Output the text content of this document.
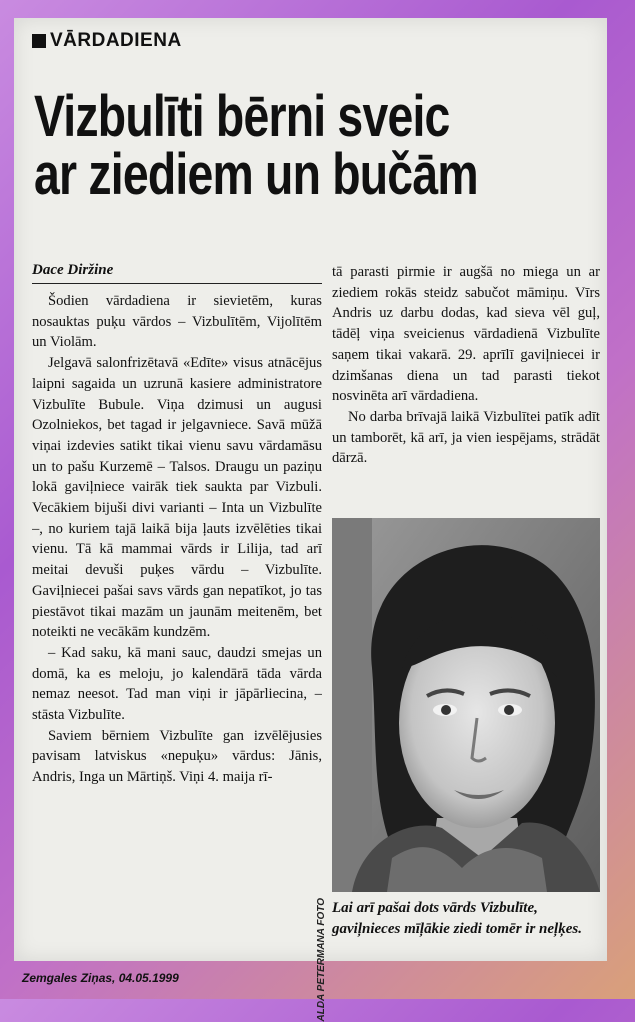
VĀRDADIENA
Vizbulīti bērni sveic
ar ziediem un bučām
Dace Diržine

Šodien vārdadiena ir sievietēm, kuras nosauktas puķu vārdos – Vizbulītēm, Vijolītēm un Violām.

Jelgavā salonfrizētavā «Edīte» visus atnācējus laipni sagaida un uzrunā kasiere administratore Vizbulīte Bubule. Viņa dzimusi un augusi Ozolniekos, bet tagad ir jelgavniece. Savā mūžā viņai izdevies satikt tikai vienu savu vārdamāsu un to pašu Kurzemē – Talsos. Draugu un paziņu lokā gaviļniece vairāk tiek saukta par Vizbuli. Vecākiem bijuši divi varianti – Inta un Vizbulīte –, no kuriem tajā laikā bija ļauts izvēlēties tikai vienu. Tā kā mammai vārds ir Lilija, tad arī meitai devuši puķes vārdu – Vizbulīte. Gaviļniecei pašai savs vārds gan nepatīkot, jo tas piestāvot tikai mazām un jaunām meitenēm, bet noteikti ne vecākām kundzēm.

– Kad saku, kā mani sauc, daudzi smejas un domā, ka es meloju, jo kalendārā tāda vārda nemaz neesot. Tad man viņi ir jāpārliecina, – stāsta Vizbulīte.

Saviem bērniem Vizbulīte gan izvēlējusies pavisam latviskus «nepuķu» vārdus: Jānis, Andris, Inga un Mārtiņš. Viņi 4. maija rī-

tā parasti pirmie ir augšā no miega un ar ziediem rokās steidz sabučot māmiņu. Vīrs Andris uz darbu dodas, kad sieva vēl guļ, tādēļ viņa sveicienus vārdadienā Vizbulīte saņem tikai vakarā. 29. aprīlī gaviļniecei ir dzimšanas diena un tad parasti tiekot nosvinēta arī vārdadiena.

No darba brīvajā laikā Vizbulītei patīk adīt un tamborēt, kā arī, ja vien iespējams, strādāt dārzā.

ALDA PETERMANA FOTO Lai arī pašai dots vārds Vizbulīte, gaviļnieces mīļākie ziedi tomēr ir neļķes.
Zemgales Ziņas, 04.05.1999
